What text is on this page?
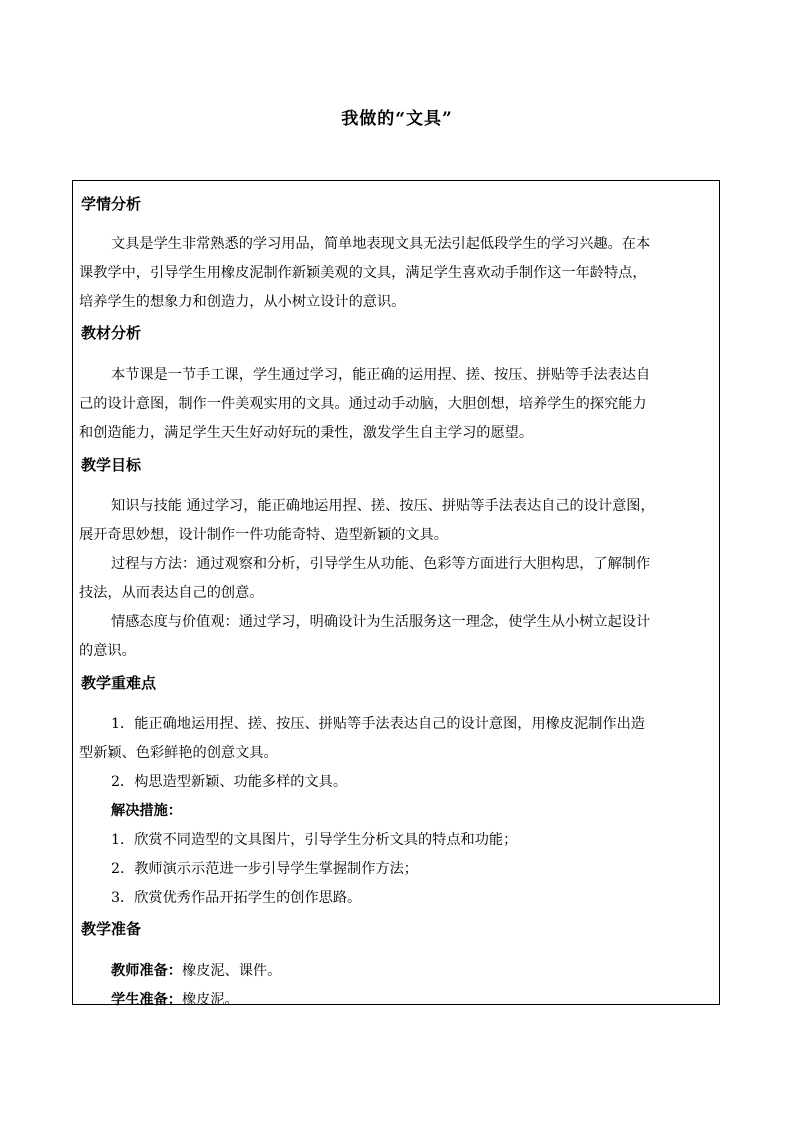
我做的“文具”
学情分析
文具是学生非常熟悉的学习用品，简单地表现文具无法引起低段学生的学习兴趣。在本
课教学中，引导学生用橡皮泥制作新颖美观的文具，满足学生喜欢动手制作这一年龄特点，
培养学生的想象力和创造力，从小树立设计的意识。
教材分析
本节课是一节手工课，学生通过学习，能正确的运用捏、搓、按压、拼贴等手法表达自
己的设计意图，制作一件美观实用的文具。通过动手动脑，大胆创想，培养学生的探究能力
和创造能力，满足学生天生好动好玩的秉性，激发学生自主学习的愿望。
教学目标
知识与技能 通过学习，能正确地运用捏、搓、按压、拼贴等手法表达自己的设计意图，
展开奇思妙想，设计制作一件功能奇特、造型新颖的文具。
过程与方法：通过观察和分析，引导学生从功能、色彩等方面进行大胆构思，了解制作
技法，从而表达自己的创意。
情感态度与价值观：通过学习，明确设计为生活服务这一理念，使学生从小树立起设计
的意识。
教学重难点
1．能正确地运用捏、搓、按压、拼贴等手法表达自己的设计意图，用橡皮泥制作出造
型新颖、色彩鲜艳的创意文具。
2．构思造型新颖、功能多样的文具。
解决措施：
1．欣赏不同造型的文具图片，引导学生分析文具的特点和功能；
2．教师演示示范进一步引导学生掌握制作方法；
3．欣赏优秀作品开拓学生的创作思路。
教学准备
教师准备：橡皮泥、课件。
学生准备：橡皮泥。
